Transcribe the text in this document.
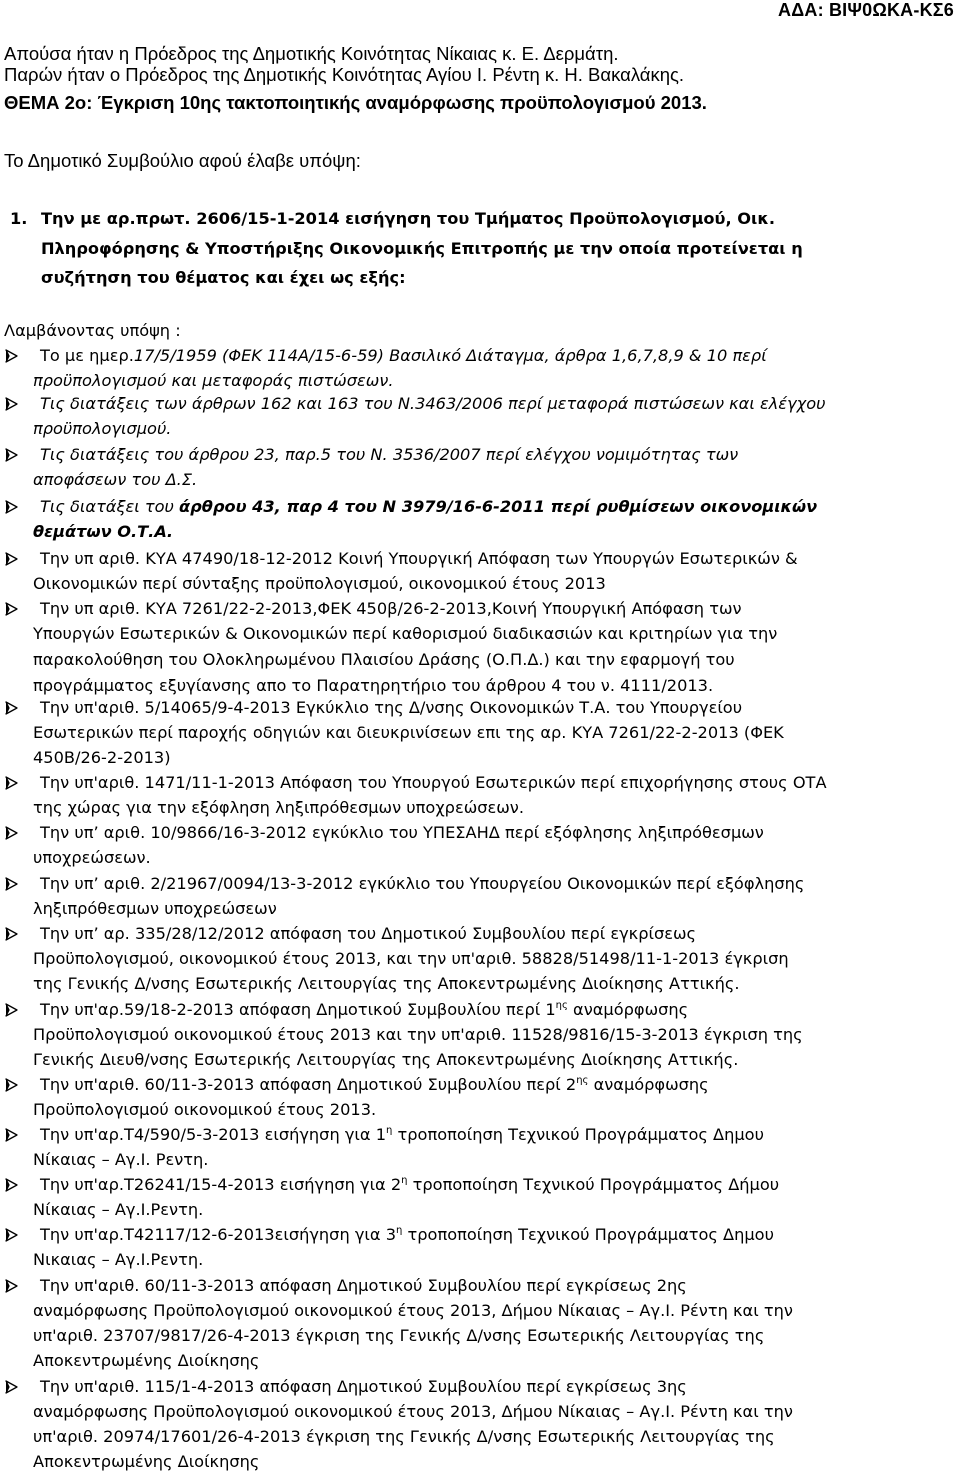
ΑΔΑ: ΒΙΨ0ΩΚΑ-ΚΣ6
Απούσα ήταν η Πρόεδρος της Δημοτικής Κοινότητας Νίκαιας κ. Ε. Δερμάτη.
Παρών ήταν ο Πρόεδρος της Δημοτικής Κοινότητας Αγίου Ι. Ρέντη κ. Η. Βακαλάκης.
ΘΕΜΑ 2ο: Έγκριση 10ης τακτοποιητικής αναμόρφωσης προϋπολογισμού 2013.
Το Δημοτικό Συμβούλιο αφού έλαβε υπόψη:
1. Την με αρ.πρωτ. 2606/15-1-2014 εισήγηση του Τμήματος Προϋπολογισμού, Οικ.
Πληροφόρησης & Υποστήριξης Οικονομικής Επιτροπής με την οποία προτείνεται η
συζήτηση του θέματος και έχει ως εξής:
Λαμβάνοντας υπόψη :
Το με ημερ.17/5/1959 (ΦΕΚ 114Α/15-6-59) Βασιλικό Διάταγμα, άρθρα 1,6,7,8,9 & 10 περί
προϋπολογισμού και μεταφοράς πιστώσεων.
Τις διατάξεις των άρθρων 162 και 163 του Ν.3463/2006 περί μεταφορά πιστώσεων και ελέγχου
προϋπολογισμού.
Τις διατάξεις του άρθρου 23, παρ.5 του Ν. 3536/2007 περί ελέγχου νομιμότητας των
αποφάσεων του Δ.Σ.
Τις διατάξει του άρθρου 43, παρ 4 του Ν 3979/16-6-2011 περί ρυθμίσεων οικονομικών
θεμάτων Ο.Τ.Α.
Την υπ αριθ. ΚΥΑ 47490/18-12-2012 Κοινή Υπουργική Απόφαση των Υπουργών Εσωτερικών &
Οικονομικών περί σύνταξης προϋπολογισμού, οικονομικού έτους 2013
Την υπ αριθ. ΚΥΑ 7261/22-2-2013,ΦΕΚ 450β/26-2-2013,Κοινή Υπουργική Απόφαση των
Υπουργών Εσωτερικών & Οικονομικών περί καθορισμού διαδικασιών και κριτηρίων για την
παρακολούθηση του Ολοκληρωμένου Πλαισίου Δράσης (Ο.Π.Δ.) και την εφαρμογή του
προγράμματος εξυγίανσης απο το Παρατηρητήριο του άρθρου 4 του ν. 4111/2013.
Την υπ'αριθ. 5/14065/9-4-2013 Εγκύκλιο της Δ/νσης Οικονομικών Τ.Α. του Υπουργείου
Εσωτερικών περί παροχής οδηγιών και διευκρινίσεων επι της αρ. ΚΥΑ 7261/22-2-2013 (ΦΕΚ
450Β/26-2-2013)
Την υπ'αριθ. 1471/11-1-2013 Απόφαση του Υπουργού Εσωτερικών περί επιχορήγησης στους ΟΤΑ
της χώρας για την εξόφληση ληξιπρόθεσμων υποχρεώσεων.
Την υπ’ αριθ. 10/9866/16-3-2012 εγκύκλιο του ΥΠΕΣΑΗΔ περί εξόφλησης ληξιπρόθεσμων
υποχρεώσεων.
Την υπ’ αριθ. 2/21967/0094/13-3-2012 εγκύκλιο του Υπουργείου Οικονομικών περί εξόφλησης
ληξιπρόθεσμων υποχρεώσεων
Την υπ’ αρ. 335/28/12/2012 απόφαση του Δημοτικού Συμβουλίου περί εγκρίσεως
Προϋπολογισμού, οικονομικού έτους 2013, και την υπ'αριθ. 58828/51498/11-1-2013 έγκριση
της Γενικής Δ/νσης Εσωτερικής Λειτουργίας της Αποκεντρωμένης Διοίκησης Αττικής.
Την υπ'αρ.59/18-2-2013 απόφαση Δημοτικού Συμβουλίου περί $1^{\eta\varsigma}$ αναμόρφωσης
Προϋπολογισμού οικονομικού έτους 2013 και την υπ'αριθ. 11528/9816/15-3-2013 έγκριση της
Γενικής Διευθ/νσης Εσωτερικής Λειτουργίας της Αποκεντρωμένης Διοίκησης Αττικής.
Την υπ'αριθ. 60/11-3-2013 απόφαση Δημοτικού Συμβουλίου περί $2^{\eta\varsigma}$ αναμόρφωσης
Προϋπολογισμού οικονομικού έτους 2013.
Την υπ'αρ.Τ4/590/5-3-2013 εισήγηση για $1^\eta$ τροποποίηση Τεχνικού Προγράμματος Δημου
Νίκαιας – Αγ.Ι. Ρεντη.
Την υπ'αρ.Τ26241/15-4-2013 εισήγηση για $2^\eta$ τροποποίηση Τεχνικού Προγράμματος Δήμου
Νίκαιας – Αγ.Ι.Ρεντη.
Την υπ'αρ.Τ42117/12-6-2013εισήγηση για $3^\eta$ τροποποίηση Τεχνικού Προγράμματος Δημου
Νικαιας – Αγ.Ι.Ρεντη.
Την υπ'αριθ. 60/11-3-2013 απόφαση Δημοτικού Συμβουλίου περί εγκρίσεως 2ης
αναμόρφωσης Προϋπολογισμού οικονομικού έτους 2013, Δήμου Νίκαιας – Αγ.Ι. Ρέντη και την
υπ'αριθ. 23707/9817/26-4-2013 έγκριση της Γενικής Δ/νσης Εσωτερικής Λειτουργίας της
Αποκεντρωμένης Διοίκησης
Την υπ'αριθ. 115/1-4-2013 απόφαση Δημοτικού Συμβουλίου περί εγκρίσεως 3ης
αναμόρφωσης Προϋπολογισμού οικονομικού έτους 2013, Δήμου Νίκαιας – Αγ.Ι. Ρέντη και την
υπ'αριθ. 20974/17601/26-4-2013 έγκριση της Γενικής Δ/νσης Εσωτερικής Λειτουργίας της
Αποκεντρωμένης Διοίκησης
